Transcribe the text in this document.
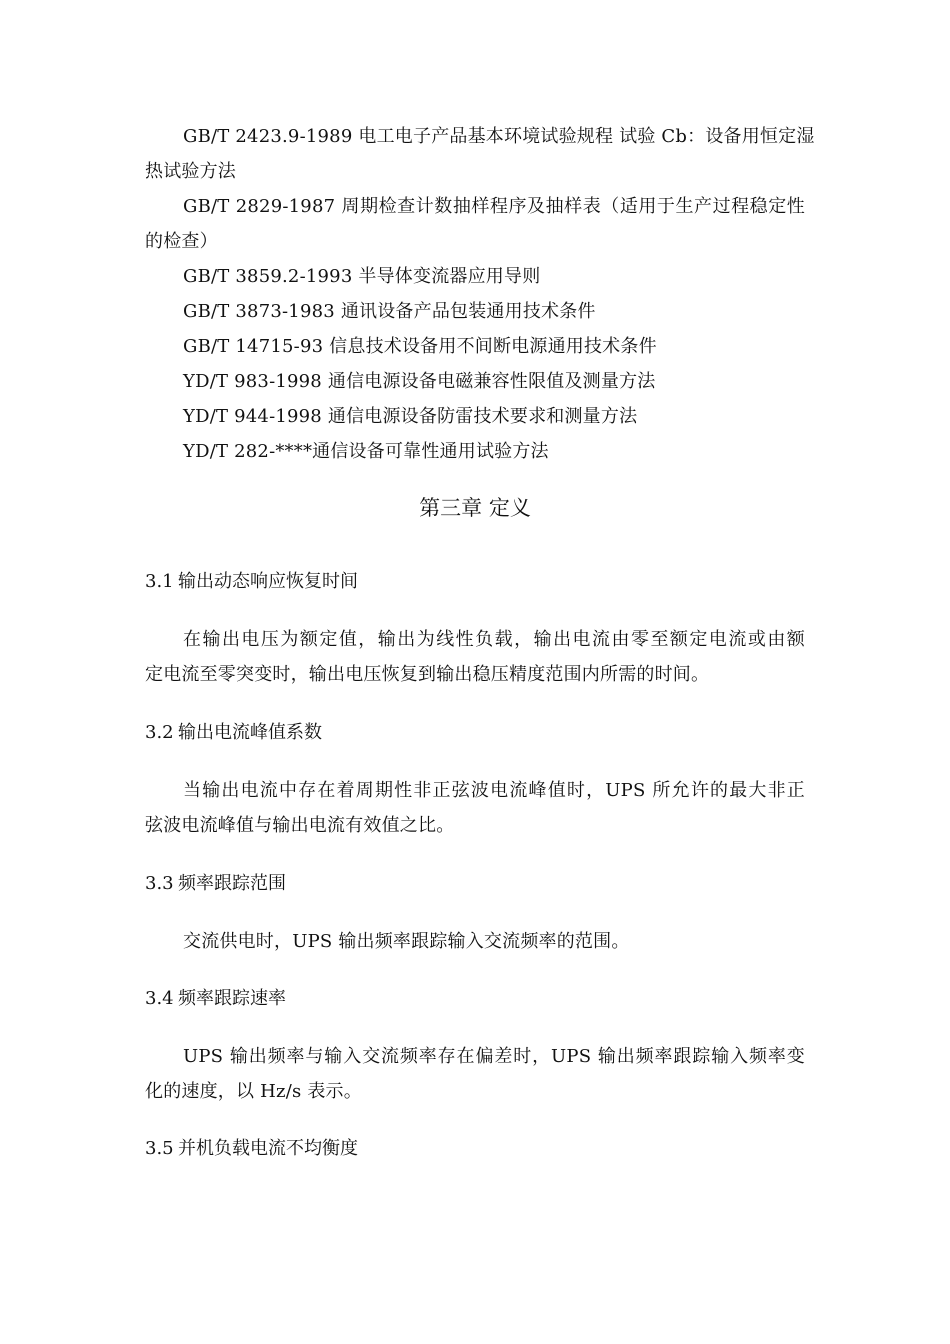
GB/T 2423.9-1989 电工电子产品基本环境试验规程 试验 Cb：设备用恒定湿
热试验方法
GB/T 2829-1987 周期检查计数抽样程序及抽样表（适用于生产过程稳定性
的检查）
GB/T 3859.2-1993 半导体变流器应用导则
GB/T 3873-1983 通讯设备产品包装通用技术条件
GB/T 14715-93 信息技术设备用不间断电源通用技术条件
YD/T 983-1998 通信电源设备电磁兼容性限值及测量方法
YD/T 944-1998 通信电源设备防雷技术要求和测量方法
YD/T 282-****通信设备可靠性通用试验方法
第三章 定义
3.1 输出动态响应恢复时间
在输出电压为额定值，输出为线性负载，输出电流由零至额定电流或由额
定电流至零突变时，输出电压恢复到输出稳压精度范围内所需的时间。
3.2 输出电流峰值系数
当输出电流中存在着周期性非正弦波电流峰值时，UPS 所允许的最大非正
弦波电流峰值与输出电流有效值之比。
3.3 频率跟踪范围
交流供电时，UPS 输出频率跟踪输入交流频率的范围。
3.4 频率跟踪速率
UPS 输出频率与输入交流频率存在偏差时，UPS 输出频率跟踪输入频率变
化的速度，以 Hz/s 表示。
3.5 并机负载电流不均衡度
